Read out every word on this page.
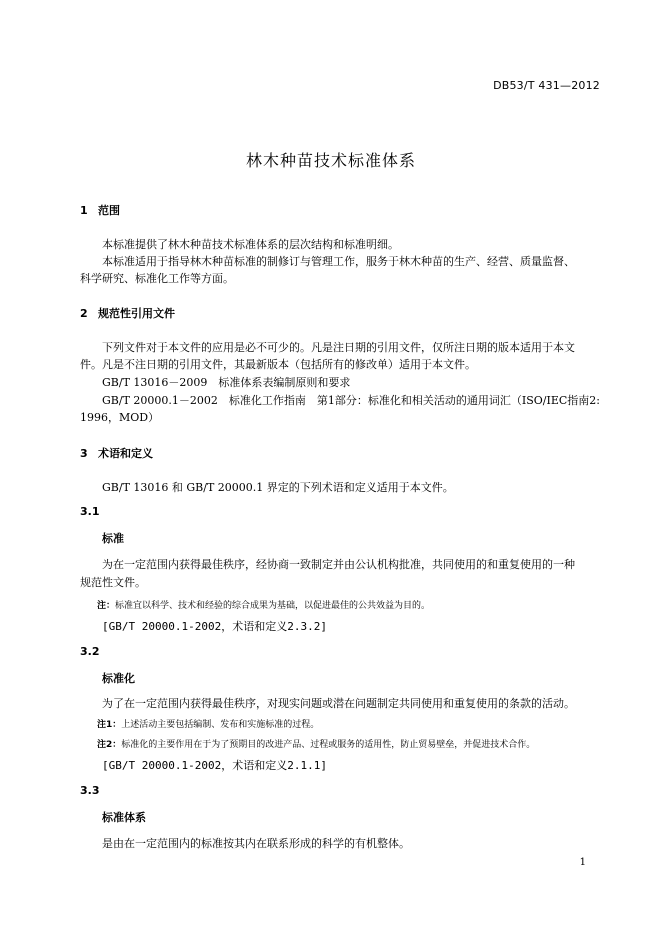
DB53/T 431—2012
林木种苗技术标准体系
1 范围
本标准提供了林木种苗技术标准体系的层次结构和标准明细。
本标准适用于指导林木种苗标准的制修订与管理工作，服务于林木种苗的生产、经营、质量监督、
科学研究、标准化工作等方面。
2 规范性引用文件
下列文件对于本文件的应用是必不可少的。凡是注日期的引用文件，仅所注日期的版本适用于本文
件。凡是不注日期的引用文件，其最新版本（包括所有的修改单）适用于本文件。
GB/T 13016－2009　标准体系表编制原则和要求
GB/T 20000.1－2002　标准化工作指南　第1部分：标准化和相关活动的通用词汇（ISO/IEC指南2:
1996，MOD）
3 术语和定义
GB/T 13016 和 GB/T 20000.1 界定的下列术语和定义适用于本文件。
3.1
标准
为在一定范围内获得最佳秩序，经协商一致制定并由公认机构批准，共同使用的和重复使用的一种
规范性文件。
注：标准宜以科学、技术和经验的综合成果为基础，以促进最佳的公共效益为目的。
[GB/T 20000.1-2002，术语和定义2.3.2]
3.2
标准化
为了在一定范围内获得最佳秩序，对现实问题或潜在问题制定共同使用和重复使用的条款的活动。
注1：上述活动主要包括编制、发布和实施标准的过程。
注2：标准化的主要作用在于为了预期目的改进产品、过程或服务的适用性，防止贸易壁垒，并促进技术合作。
[GB/T 20000.1-2002，术语和定义2.1.1]
3.3
标准体系
是由在一定范围内的标准按其内在联系形成的科学的有机整体。
1
